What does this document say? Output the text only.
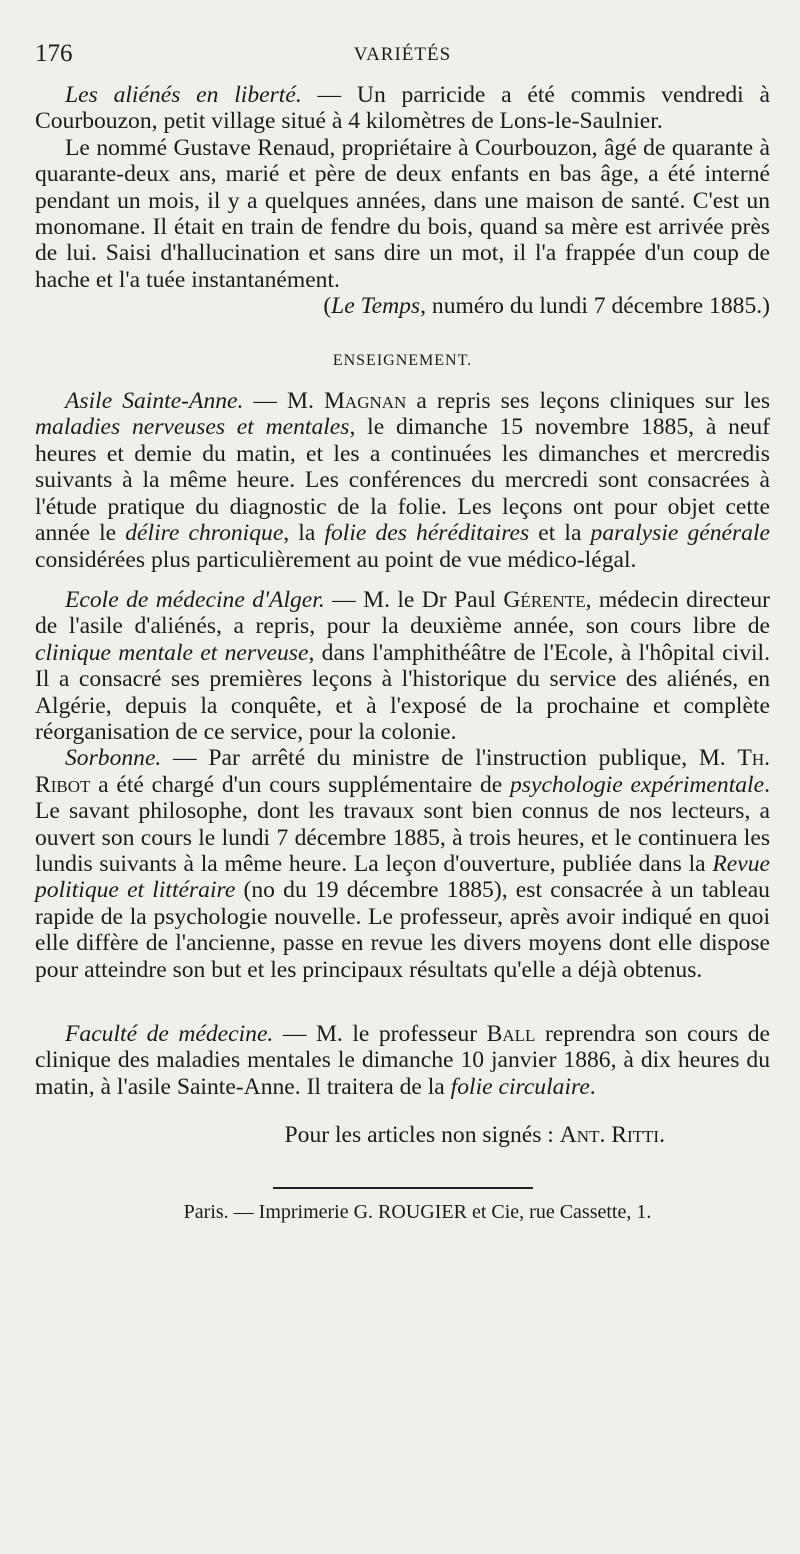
176	VARIÉTÉS

Les aliénés en liberté. — Un parricide a été commis vendredi à Courbouzon, petit village situé à 4 kilomètres de Lons-le-Saulnier.

Le nommé Gustave Renaud, propriétaire à Courbouzon, âgé de quarante à quarante-deux ans, marié et père de deux enfants en bas âge, a été interné pendant un mois, il y a quelques années, dans une maison de santé. C'est un monomane. Il était en train de fendre du bois, quand sa mère est arrivée près de lui. Saisi d'hallucination et sans dire un mot, il l'a frappée d'un coup de hache et l'a tuée instantanément.

(Le Temps, numéro du lundi 7 décembre 1885.)

ENSEIGNEMENT.

Asile Sainte-Anne. — M. Magnan a repris ses leçons cliniques sur les maladies nerveuses et mentales, le dimanche 15 novembre 1885, à neuf heures et demie du matin, et les a continuées les dimanches et mercredis suivants à la même heure. Les conférences du mercredi sont consacrées à l'étude pratique du diagnostic de la folie. Les leçons ont pour objet cette année le délire chronique, la folie des héréditaires et la paralysie générale considérées plus particulièrement au point de vue médico-légal.

Ecole de médecine d'Alger. — M. le Dr Paul Gérente, médecin directeur de l'asile d'aliénés, a repris, pour la deuxième année, son cours libre de clinique mentale et nerveuse, dans l'amphithéâtre de l'Ecole, à l'hôpital civil. Il a consacré ses premières leçons à l'historique du service des aliénés, en Algérie, depuis la conquête, et à l'exposé de la prochaine et complète réorganisation de ce service, pour la colonie.

Sorbonne. — Par arrêté du ministre de l'instruction publique, M. Th. Ribot a été chargé d'un cours supplémentaire de psychologie expérimentale. Le savant philosophe, dont les travaux sont bien connus de nos lecteurs, a ouvert son cours le lundi 7 décembre 1885, à trois heures, et le continuera les lundis suivants à la même heure. La leçon d'ouverture, publiée dans la Revue politique et littéraire (no du 19 décembre 1885), est consacrée à un tableau rapide de la psychologie nouvelle. Le professeur, après avoir indiqué en quoi elle diffère de l'ancienne, passe en revue les divers moyens dont elle dispose pour atteindre son but et les principaux résultats qu'elle a déjà obtenus.

Faculté de médecine. — M. le professeur Ball reprendra son cours de clinique des maladies mentales le dimanche 10 janvier 1886, à dix heures du matin, à l'asile Sainte-Anne. Il traitera de la folie circulaire.

Pour les articles non signés : Ant. Ritti.
Paris. — Imprimerie G. ROUGIER et Cie, rue Cassette, 1.
